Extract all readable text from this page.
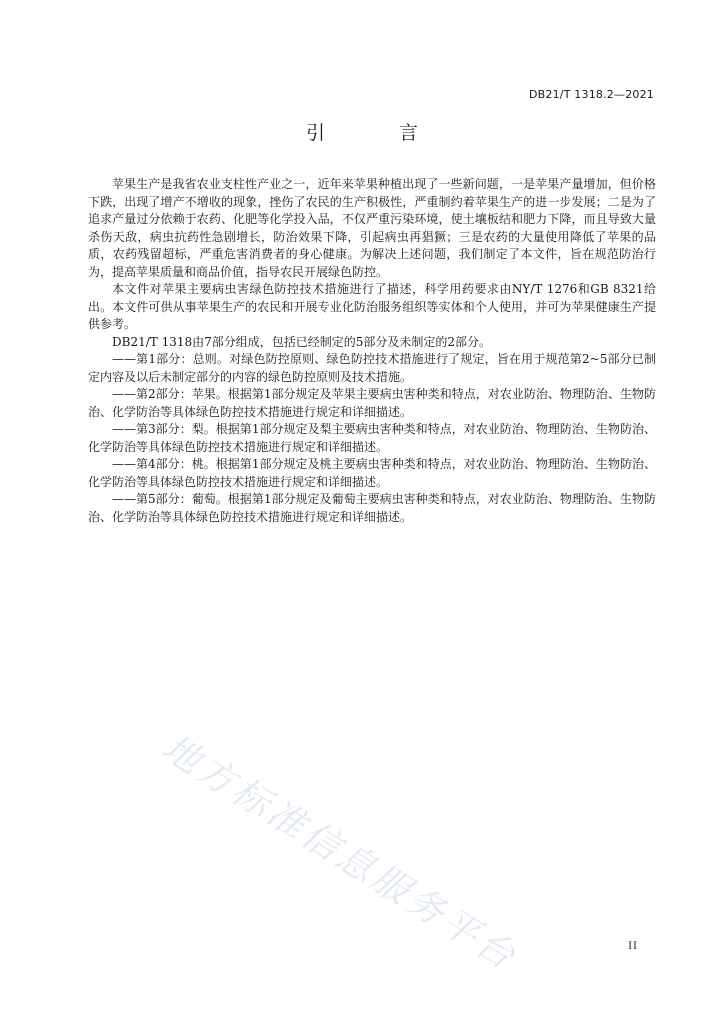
DB21/T 1318.2—2021
引 言

苹果生产是我省农业支柱性产业之一，近年来苹果种植出现了一些新问题，一是苹果产量增加，但价格下跌，出现了增产不增收的现象，挫伤了农民的生产积极性，严重制约着苹果生产的进一步发展；二是为了追求产量过分依赖于农药、化肥等化学投入品，不仅严重污染环境，使土壤板结和肥力下降，而且导致大量杀伤天敌，病虫抗药性急剧增长，防治效果下降，引起病虫再猖獗；三是农药的大量使用降低了苹果的品质，农药残留超标，严重危害消费者的身心健康。为解决上述问题，我们制定了本文件，旨在规范防治行为，提高苹果质量和商品价值，指导农民开展绿色防控。

本文件对苹果主要病虫害绿色防控技术措施进行了描述，科学用药要求由NY/T 1276和GB 8321给出。本文件可供从事苹果生产的农民和开展专业化防治服务组织等实体和个人使用，并可为苹果健康生产提供参考。

DB21/T 1318由7部分组成，包括已经制定的5部分及未制定的2部分。

——第1部分：总则。对绿色防控原则、绿色防控技术措施进行了规定，旨在用于规范第2~5部分已制定内容及以后未制定部分的内容的绿色防控原则及技术措施。

——第2部分：苹果。根据第1部分规定及苹果主要病虫害种类和特点，对农业防治、物理防治、生物防治、化学防治等具体绿色防控技术措施进行规定和详细描述。

——第3部分：梨。根据第1部分规定及梨主要病虫害种类和特点，对农业防治、物理防治、生物防治、化学防治等具体绿色防控技术措施进行规定和详细描述。

——第4部分：桃。根据第1部分规定及桃主要病虫害种类和特点，对农业防治、物理防治、生物防治、化学防治等具体绿色防控技术措施进行规定和详细描述。

——第5部分：葡萄。根据第1部分规定及葡萄主要病虫害种类和特点，对农业防治、物理防治、生物防治、化学防治等具体绿色防控技术措施进行规定和详细描述。

地方标准信息服务平台	II
